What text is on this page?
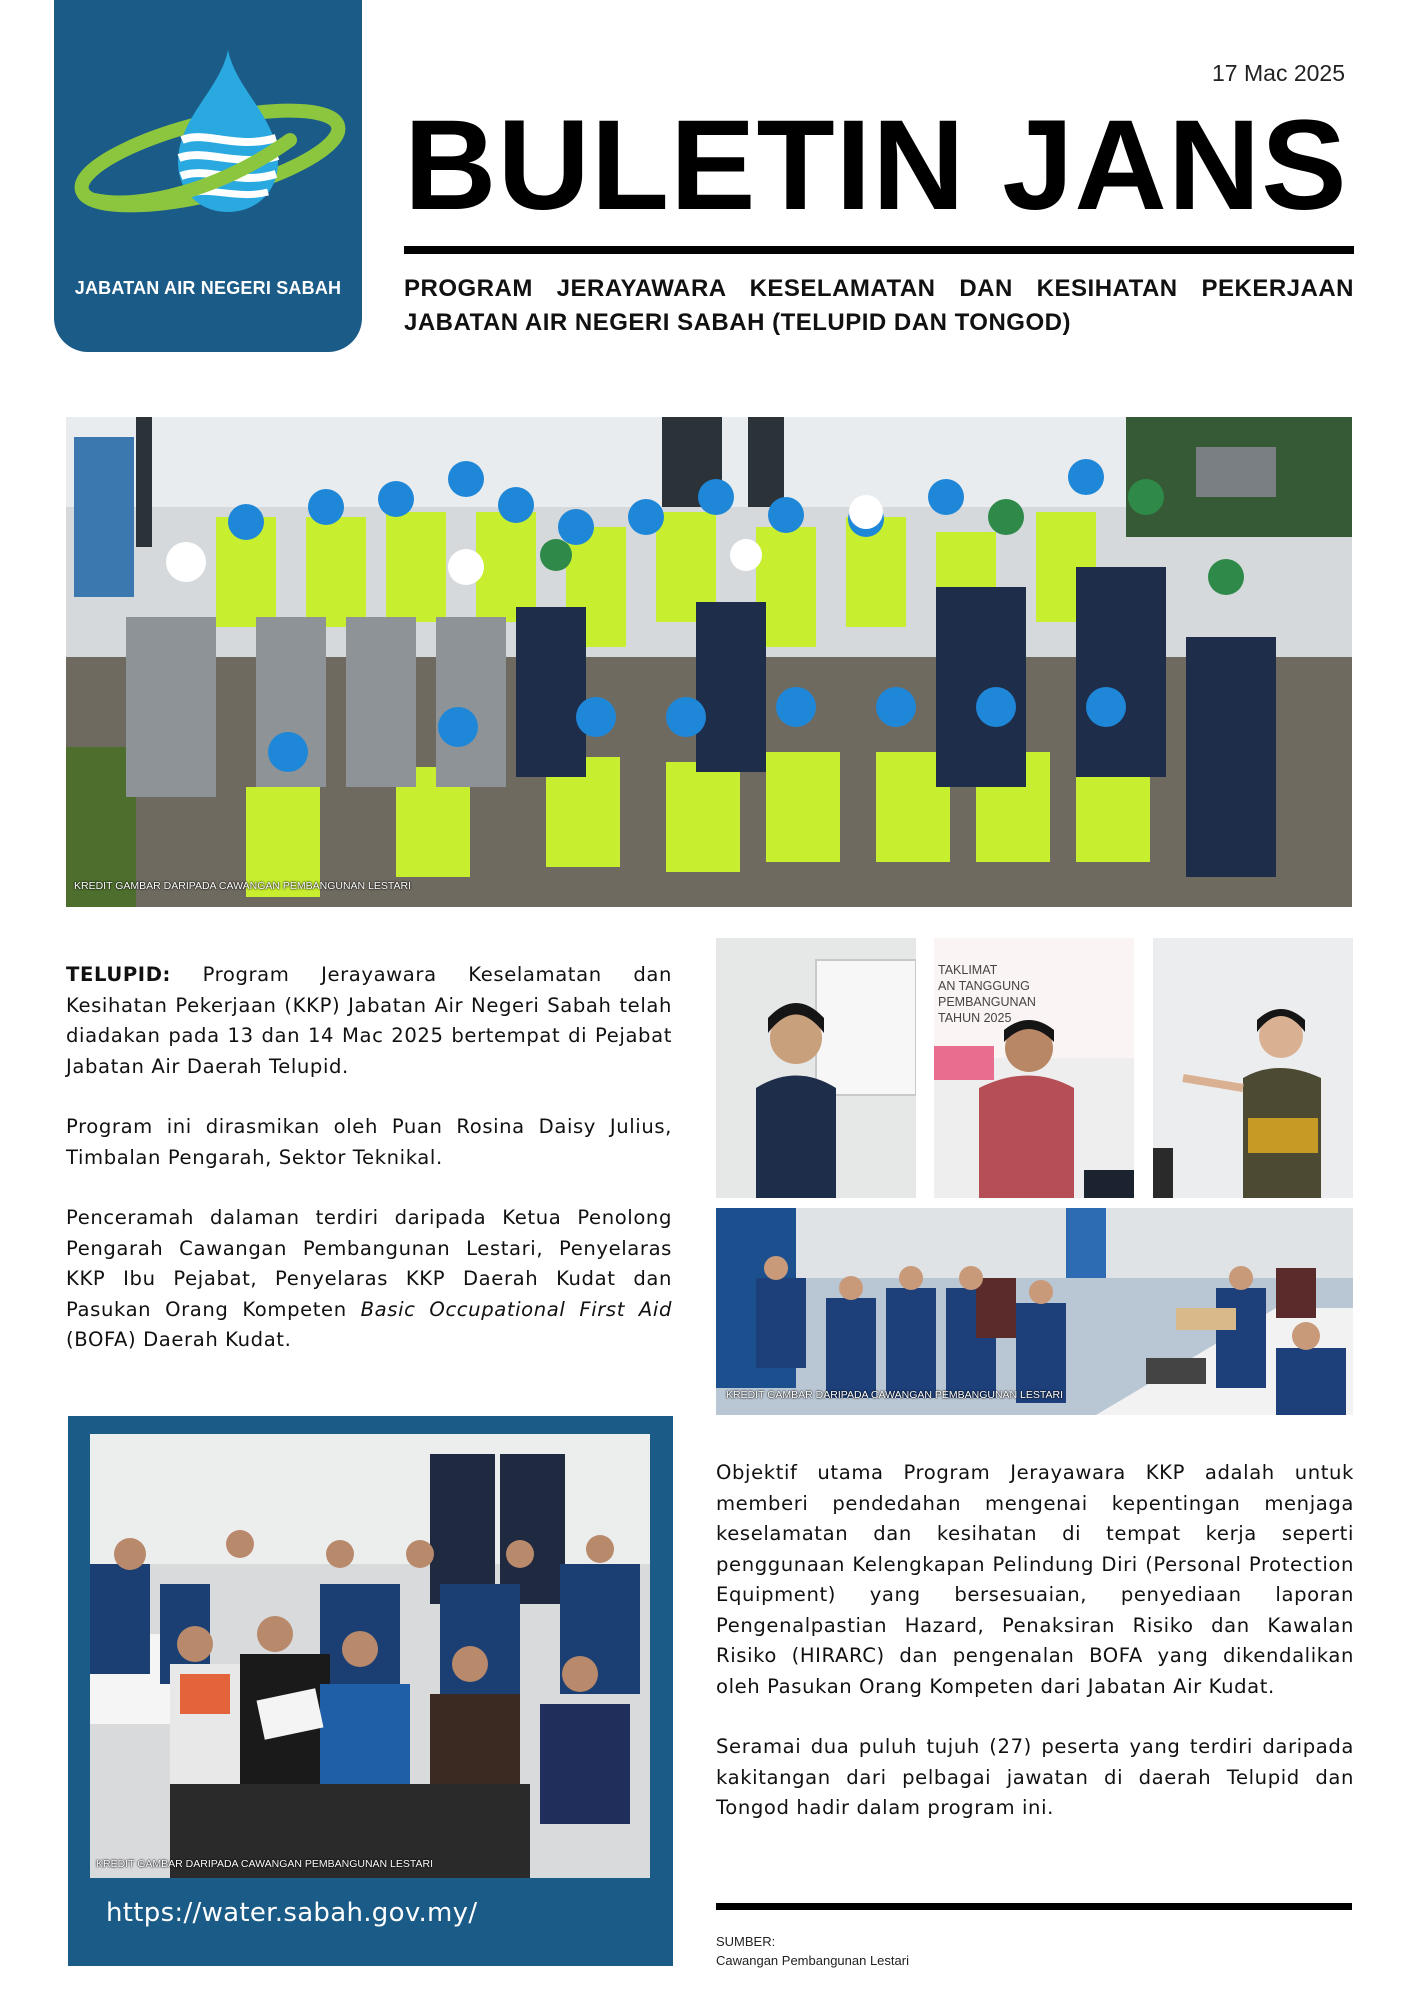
JABATAN AIR NEGERI SABAH
17 Mac 2025
BULETIN JANS
PROGRAM JERAYAWARA KESELAMATAN DAN KESIHATAN PEKERJAAN JABATAN AIR NEGERI SABAH (TELUPID DAN TONGOD)
KREDIT GAMBAR DARIPADA CAWANGAN PEMBANGUNAN LESTARI
TAKLIMAT
AN TANGGUNG
PEMBANGUNAN
TAHUN 2025
KREDIT GAMBAR DARIPADA CAWANGAN PEMBANGUNAN LESTARI

TELUPID: Program Jerayawara Keselamatan dan Kesihatan Pekerjaan (KKP) Jabatan Air Negeri Sabah telah diadakan pada 13 dan 14 Mac 2025 bertempat di Pejabat Jabatan Air Daerah Telupid.

Program ini dirasmikan oleh Puan Rosina Daisy Julius, Timbalan Pengarah, Sektor Teknikal.

Penceramah dalaman terdiri daripada Ketua Penolong Pengarah Cawangan Pembangunan Lestari, Penyelaras KKP Ibu Pejabat, Penyelaras KKP Daerah Kudat dan Pasukan Orang Kompeten Basic Occupational First Aid (BOFA) Daerah Kudat.

Objektif utama Program Jerayawara KKP adalah untuk memberi pendedahan mengenai kepentingan menjaga keselamatan dan kesihatan di tempat kerja seperti penggunaan Kelengkapan Pelindung Diri (Personal Protection Equipment) yang bersesuaian, penyediaan laporan Pengenalpastian Hazard, Penaksiran Risiko dan Kawalan Risiko (HIRARC) dan pengenalan BOFA yang dikendalikan oleh Pasukan Orang Kompeten dari Jabatan Air Kudat.

Seramai dua puluh tujuh (27) peserta yang terdiri daripada kakitangan dari pelbagai jawatan di daerah Telupid dan Tongod hadir dalam program ini.

KREDIT GAMBAR DARIPADA CAWANGAN PEMBANGUNAN LESTARI
https://water.sabah.gov.my/
SUMBER:
Cawangan Pembangunan Lestari
